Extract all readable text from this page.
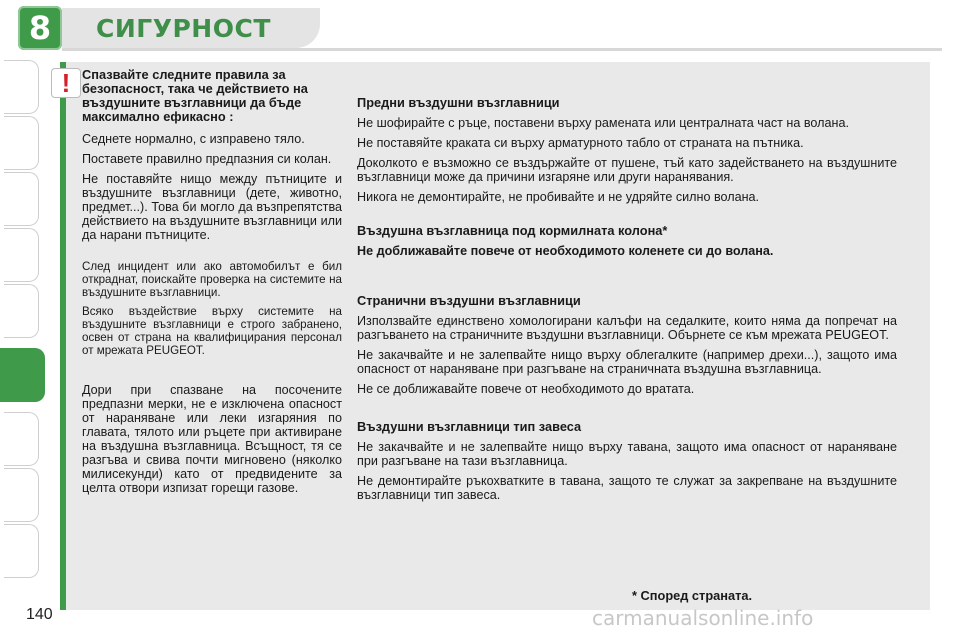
8 СИГУРНОСТ
! Спазвайте следните правила за безопасност, така че действието на въздушните възглавници да бъде максимално ефикасно :

Седнете нормално, с изправено тяло.

Поставете правилно предпазния си колан.

Не поставяйте нищо между пътниците и въздушните възглавници (дете, животно, предмет...). Това би могло да възпрепятства действието на въздушните възглавници или да нарани пътниците.

След инцидент или ако автомобилът е бил откраднат, поискайте проверка на системите на въздушните възглавници.

Всяко въздействие върху системите на въздушните възглавници е строго забранено, освен от страна на квалифицирания персонал от мрежата PEUGEOT.

Дори при спазване на посочените предпазни мерки, не е изключена опасност от нараняване или леки изгаряния по главата, тялото или ръцете при активиране на въздушна възглавница. Всъщност, тя се разгъва и свива почти мигновено (няколко милисекунди) като от предвидените за целта отвори изпизат горещи газове.

Предни въздушни възглавници

Не шофирайте с ръце, поставени върху рамената или централната част на волана.

Не поставяйте краката си върху арматурното табло от страната на пътника.

Доколкото е възможно се въздържайте от пушене, тъй като задействането на въздушните възглавници може да причини изгаряне или други наранявания.

Никога не демонтирайте, не пробивайте и не удряйте силно волана.

Въздушна възглавница под кормилната колона*

Не доближавайте повече от необходимото коленете си до волана.

Странични въздушни възглавници

Използвайте единствено хомологирани калъфи на седалките, които няма да попречат на разгъването на страничните въздушни възглавници. Обърнете се към мрежата PEUGEOT.

Не закачвайте и не залепвайте нищо върху облегалките (например дрехи...), защото има опасност от нараняване при разгъване на страничната въздушна възглавница.

Не се доближавайте повече от необходимото до вратата.

Въздушни възглавници тип завеса

Не закачвайте и не залепвайте нищо върху тавана, защото има опасност от нараняване при разгъване на тази възглавница.

Не демонтирайте ръкохватките в тавана, защото те служат за закрепване на въздушните възглавници тип завеса.

* Според страната.
140	carmanualsonline.info
